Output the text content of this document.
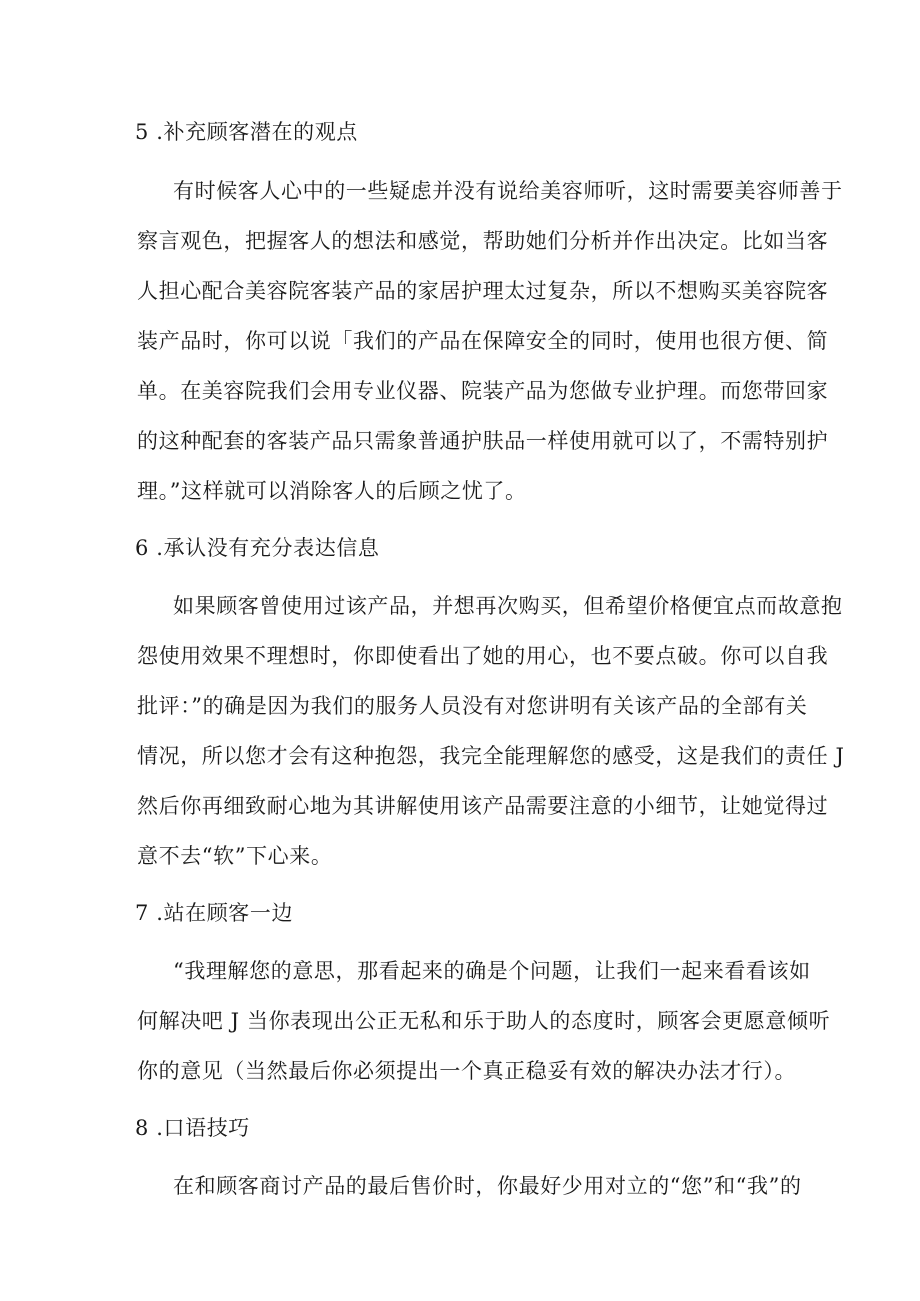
5 .补充顾客潜在的观点
有时候客人心中的一些疑虑并没有说给美容师听，这时需要美容师善于
察言观色，把握客人的想法和感觉，帮助她们分析并作出决定。比如当客
人担心配合美容院客装产品的家居护理太过复杂，所以不想购买美容院客
装产品时，你可以说「我们的产品在保障安全的同时，使用也很方便、简
单。在美容院我们会用专业仪器、院装产品为您做专业护理。而您带回家
的这种配套的客装产品只需象普通护肤品一样使用就可以了，不需特别护
理。”这样就可以消除客人的后顾之忧了。
6 .承认没有充分表达信息
如果顾客曾使用过该产品，并想再次购买，但希望价格便宜点而故意抱
怨使用效果不理想时，你即使看出了她的用心，也不要点破。你可以自我
批评：”的确是因为我们的服务人员没有对您讲明有关该产品的全部有关
情况，所以您才会有这种抱怨，我完全能理解您的感受，这是我们的责任 J
然后你再细致耐心地为其讲解使用该产品需要注意的小细节，让她觉得过
意不去“软”下心来。
7 .站在顾客一边
“我理解您的意思，那看起来的确是个问题，让我们一起来看看该如
何解决吧 J 当你表现出公正无私和乐于助人的态度时，顾客会更愿意倾听
你的意见（当然最后你必须提出一个真正稳妥有效的解决办法才行）。
8 .口语技巧
在和顾客商讨产品的最后售价时，你最好少用对立的“您”和“我”的
